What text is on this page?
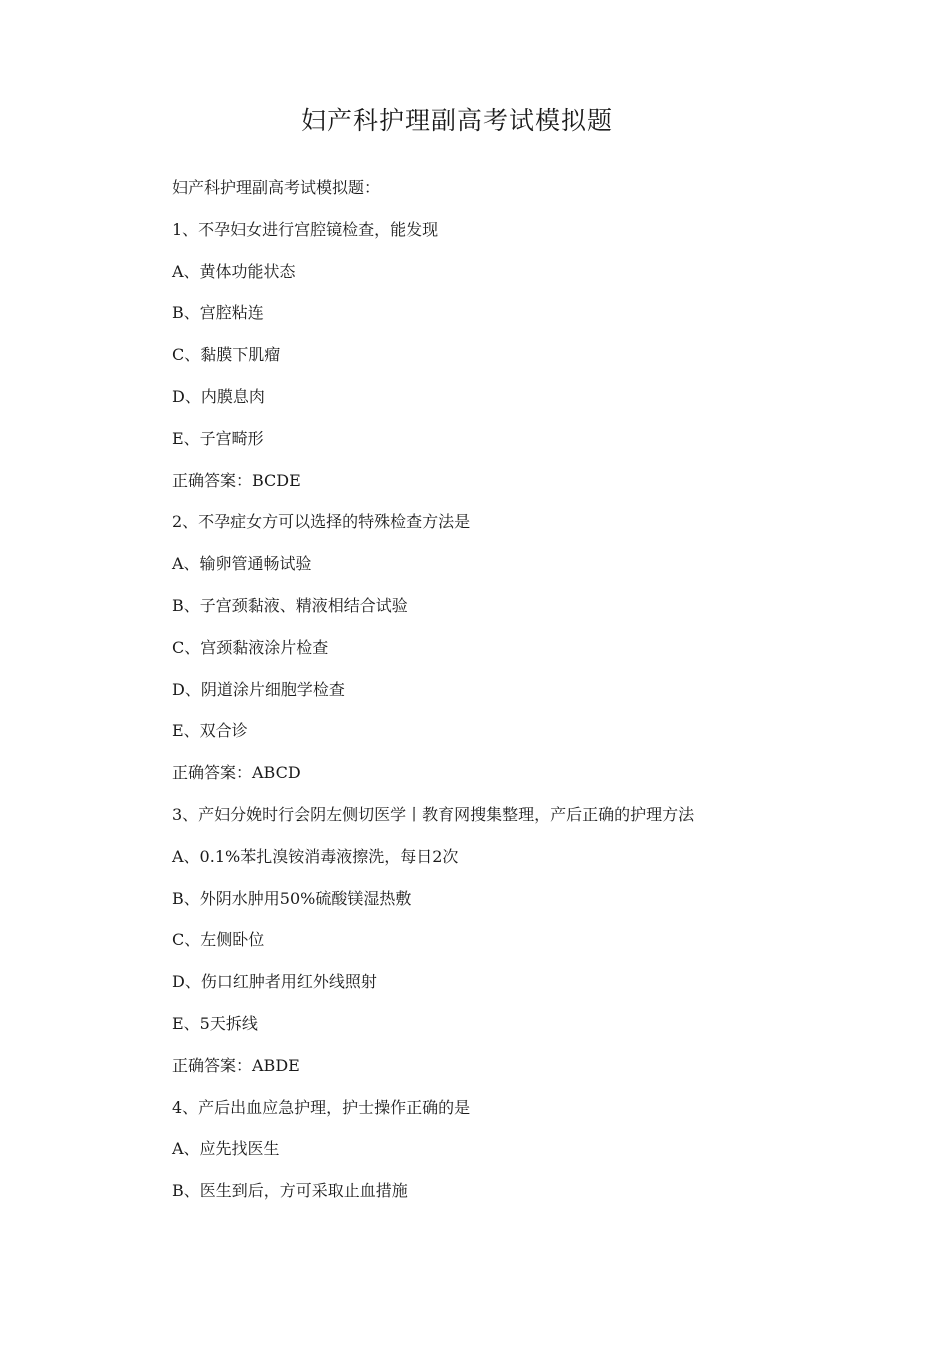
妇产科护理副高考试模拟题
妇产科护理副高考试模拟题：
1、不孕妇女进行宫腔镜检查，能发现
A、黄体功能状态
B、宫腔粘连
C、黏膜下肌瘤
D、内膜息肉
E、子宫畸形
正确答案：BCDE
2、不孕症女方可以选择的特殊检查方法是
A、输卵管通畅试验
B、子宫颈黏液、精液相结合试验
C、宫颈黏液涂片检查
D、阴道涂片细胞学检查
E、双合诊
正确答案：ABCD
3、产妇分娩时行会阴左侧切医学丨教育网搜集整理，产后正确的护理方法
A、0.1%苯扎溴铵消毒液擦洗，每日2次
B、外阴水肿用50%硫酸镁湿热敷
C、左侧卧位
D、伤口红肿者用红外线照射
E、5天拆线
正确答案：ABDE
4、产后出血应急护理，护士操作正确的是
A、应先找医生
B、医生到后，方可采取止血措施
